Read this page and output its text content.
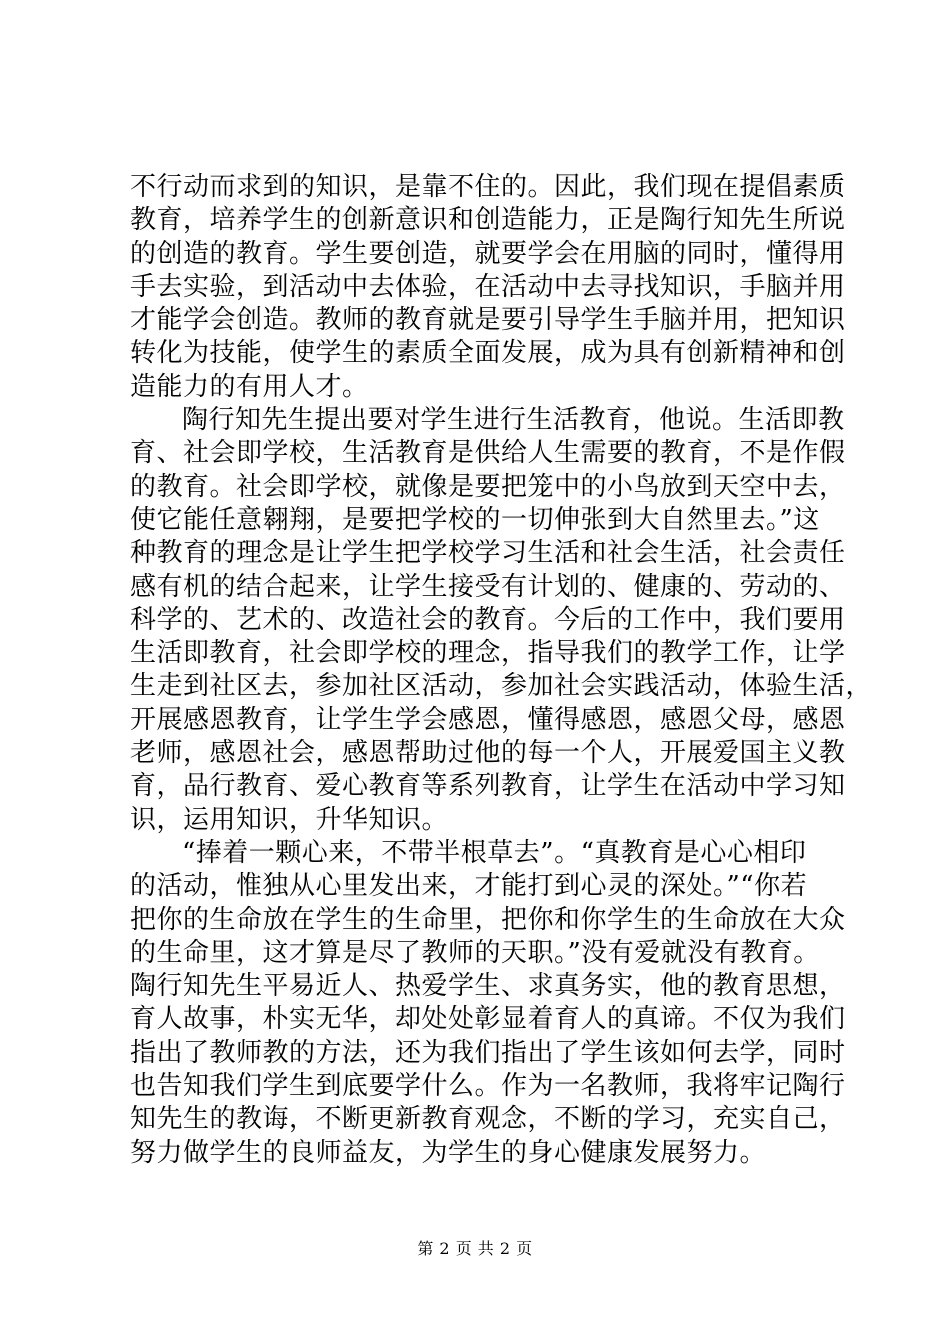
不行动而求到的知识，是靠不住的。因此，我们现在提倡素质
教育，培养学生的创新意识和创造能力，正是陶行知先生所说
的创造的教育。学生要创造，就要学会在用脑的同时，懂得用
手去实验，到活动中去体验，在活动中去寻找知识，手脑并用
才能学会创造。教师的教育就是要引导学生手脑并用，把知识
转化为技能，使学生的素质全面发展，成为具有创新精神和创
造能力的有用人才。
陶行知先生提出要对学生进行生活教育，他说。生活即教
育、社会即学校，生活教育是供给人生需要的教育，不是作假
的教育。社会即学校，就像是要把笼中的小鸟放到天空中去，
使它能任意翱翔，是要把学校的一切伸张到大自然里去。”这
种教育的理念是让学生把学校学习生活和社会生活，社会责任
感有机的结合起来，让学生接受有计划的、健康的、劳动的、
科学的、艺术的、改造社会的教育。今后的工作中，我们要用
生活即教育，社会即学校的理念，指导我们的教学工作，让学
生走到社区去，参加社区活动，参加社会实践活动，体验生活，
开展感恩教育，让学生学会感恩，懂得感恩，感恩父母，感恩
老师，感恩社会，感恩帮助过他的每一个人，开展爱国主义教
育，品行教育、爱心教育等系列教育，让学生在活动中学习知
识，运用知识，升华知识。
“捧着一颗心来，不带半根草去”。“真教育是心心相印
的活动，惟独从心里发出来，才能打到心灵的深处。”“你若
把你的生命放在学生的生命里，把你和你学生的生命放在大众
的生命里，这才算是尽了教师的天职。”没有爱就没有教育。
陶行知先生平易近人、热爱学生、求真务实，他的教育思想，
育人故事，朴实无华，却处处彰显着育人的真谛。不仅为我们
指出了教师教的方法，还为我们指出了学生该如何去学，同时
也告知我们学生到底要学什么。作为一名教师，我将牢记陶行
知先生的教诲，不断更新教育观念，不断的学习，充实自己，
努力做学生的良师益友，为学生的身心健康发展努力。
第 2 页 共 2 页
